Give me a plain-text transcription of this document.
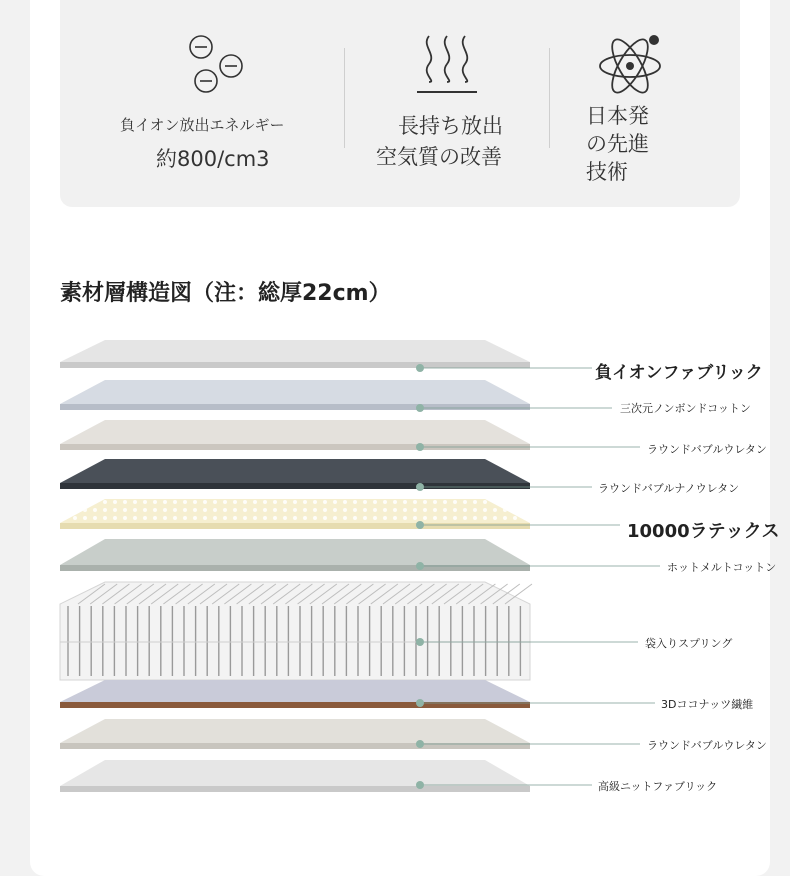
負イオン放出エネルギー
約800/cm3
長持ち放出
空気質の改善
日本発
の先進
技術
素材層構造図（注：総厚22cm）
負イオンファブリック
三次元ノンボンドコットン
ラウンドバブルウレタン
ラウンドバブルナノウレタン
10000ラテックス
ホットメルトコットン
袋入りスプリング
3Dココナッツ繊維
ラウンドバブルウレタン
高級ニットファブリック
